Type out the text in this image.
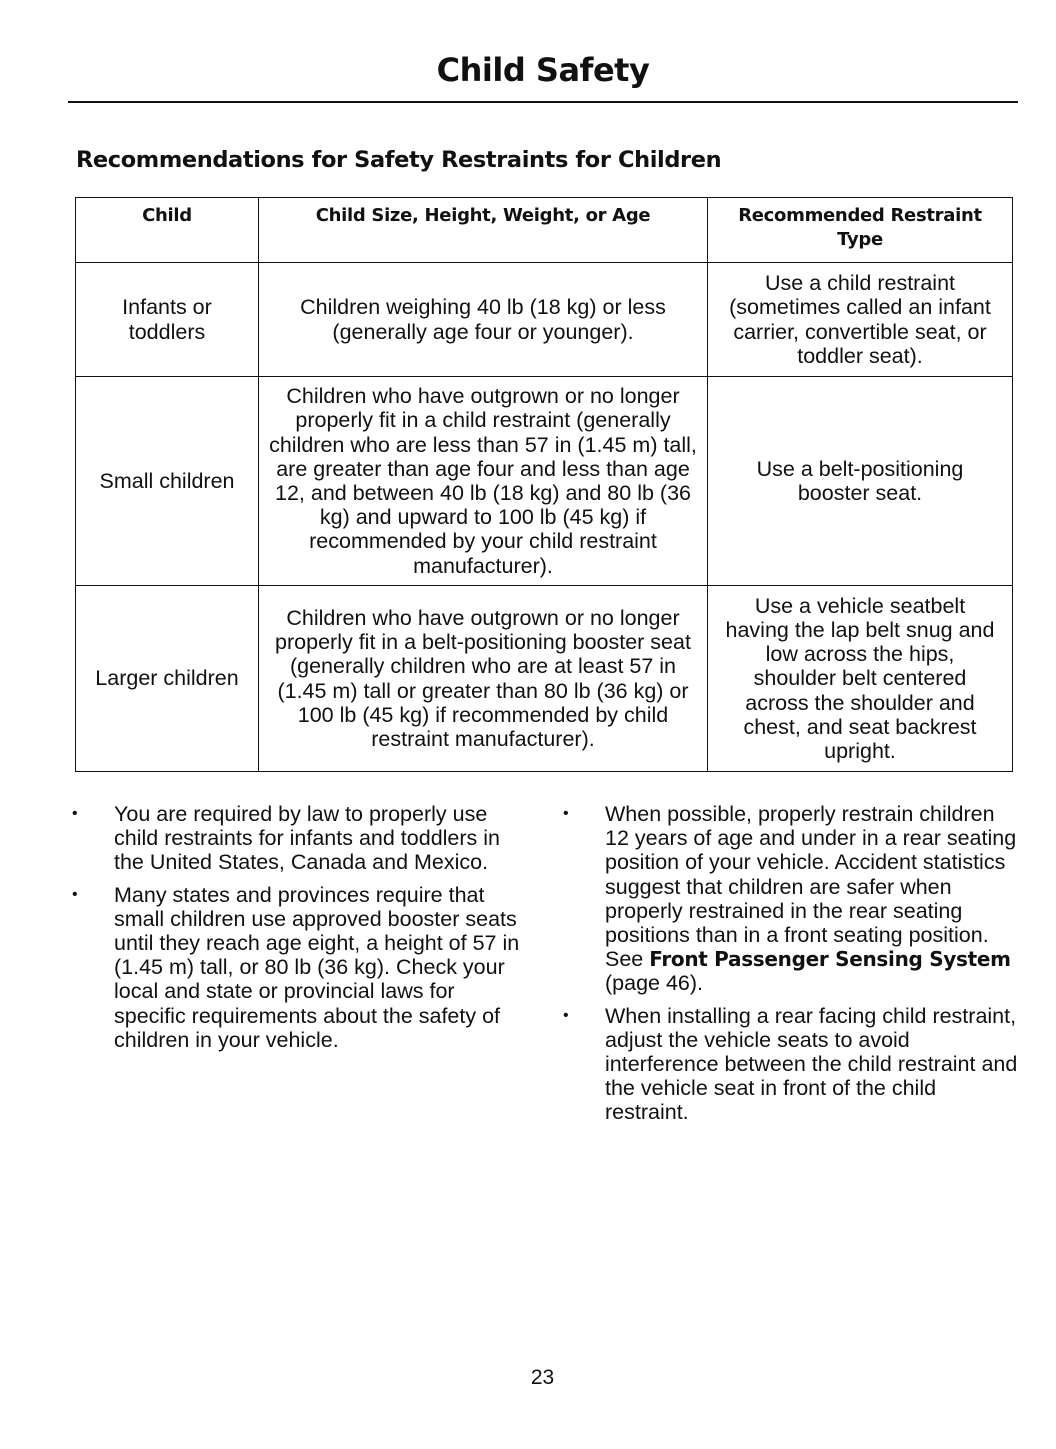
Child Safety
Recommendations for Safety Restraints for Children
Child	Child Size, Height, Weight, or Age	Recommended Restraint Type
Infants or toddlers	Children weighing 40 lb (18 kg) or less (generally age four or younger).	Use a child restraint (sometimes called an infant carrier, convertible seat, or toddler seat).
Small children	Children who have outgrown or no longer properly fit in a child restraint (generally children who are less than 57 in (1.45 m) tall, are greater than age four and less than age 12, and between 40 lb (18 kg) and 80 lb (36 kg) and upward to 100 lb (45 kg) if recommended by your child restraint manufacturer).	Use a belt-positioning booster seat.
Larger children	Children who have outgrown or no longer properly fit in a belt-positioning booster seat (generally children who are at least 57 in (1.45 m) tall or greater than 80 lb (36 kg) or 100 lb (45 kg) if recommended by child restraint manufacturer).	Use a vehicle seatbelt having the lap belt snug and low across the hips, shoulder belt centered across the shoulder and chest, and seat backrest upright.
• You are required by law to properly use child restraints for infants and toddlers in the United States, Canada and Mexico.
• Many states and provinces require that small children use approved booster seats until they reach age eight, a height of 57 in (1.45 m) tall, or 80 lb (36 kg). Check your local and state or provincial laws for specific requirements about the safety of children in your vehicle.
• When possible, properly restrain children 12 years of age and under in a rear seating position of your vehicle. Accident statistics suggest that children are safer when properly restrained in the rear seating positions than in a front seating position. See Front Passenger Sensing System (page 46).
• When installing a rear facing child restraint, adjust the vehicle seats to avoid interference between the child restraint and the vehicle seat in front of the child restraint.
23
